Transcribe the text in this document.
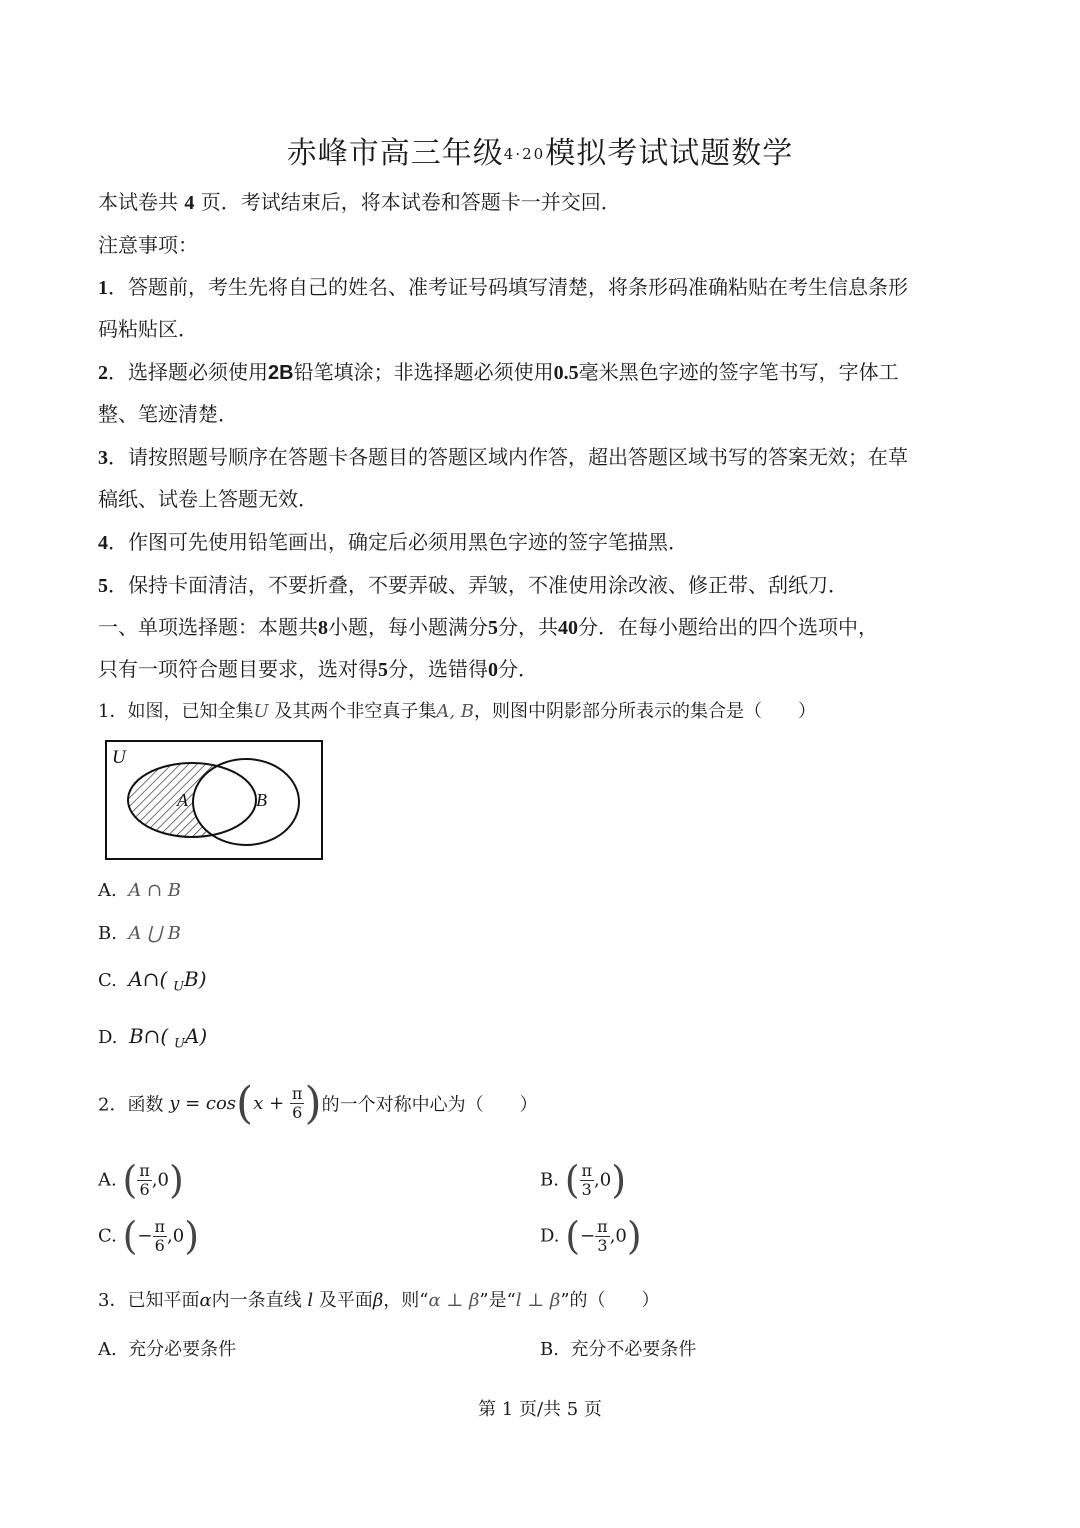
赤峰市高三年级4·20模拟考试试题数学
本试卷共 4 页．考试结束后，将本试卷和答题卡一并交回．
注意事项：
1．答题前，考生先将自己的姓名、准考证号码填写清楚，将条形码准确粘贴在考生信息条形
码粘贴区．
2．选择题必须使用2B铅笔填涂；非选择题必须使用0.5毫米黑色字迹的签字笔书写，字体工
整、笔迹清楚．
3．请按照题号顺序在答题卡各题目的答题区域内作答，超出答题区域书写的答案无效；在草
稿纸、试卷上答题无效．
4．作图可先使用铅笔画出，确定后必须用黑色字迹的签字笔描黑．
5．保持卡面清洁，不要折叠，不要弄破、弄皱，不准使用涂改液、修正带、刮纸刀．
一、单项选择题：本题共8小题，每小题满分5分，共40分．在每小题给出的四个选项中，
只有一项符合题目要求，选对得5分，选错得0分．
1．如图，已知全集U 及其两个非空真子集A, B，则图中阴影部分所表示的集合是（　　）
U
A	B
A. A ∩ B
B. A ⋃ B
C. A∩( $_U$B)
D. B∩( $_U$A)
2．函数 $y = \cos(x + \frac{\pi}{6}$ )的一个对称中心为（　　）
A. ( $\frac{\pi}{6} ,0$)	B. ( $\frac{\pi}{3} ,0$)
C. (− $\frac{\pi}{6} ,0$)	D. (− $\frac{\pi}{3} ,0$)
3．已知平面α内一条直线 l 及平面β，则“α ⊥ β”是“l ⊥ β”的（　　）
A. 充分必要条件	B. 充分不必要条件
第 1 页/共 5 页
